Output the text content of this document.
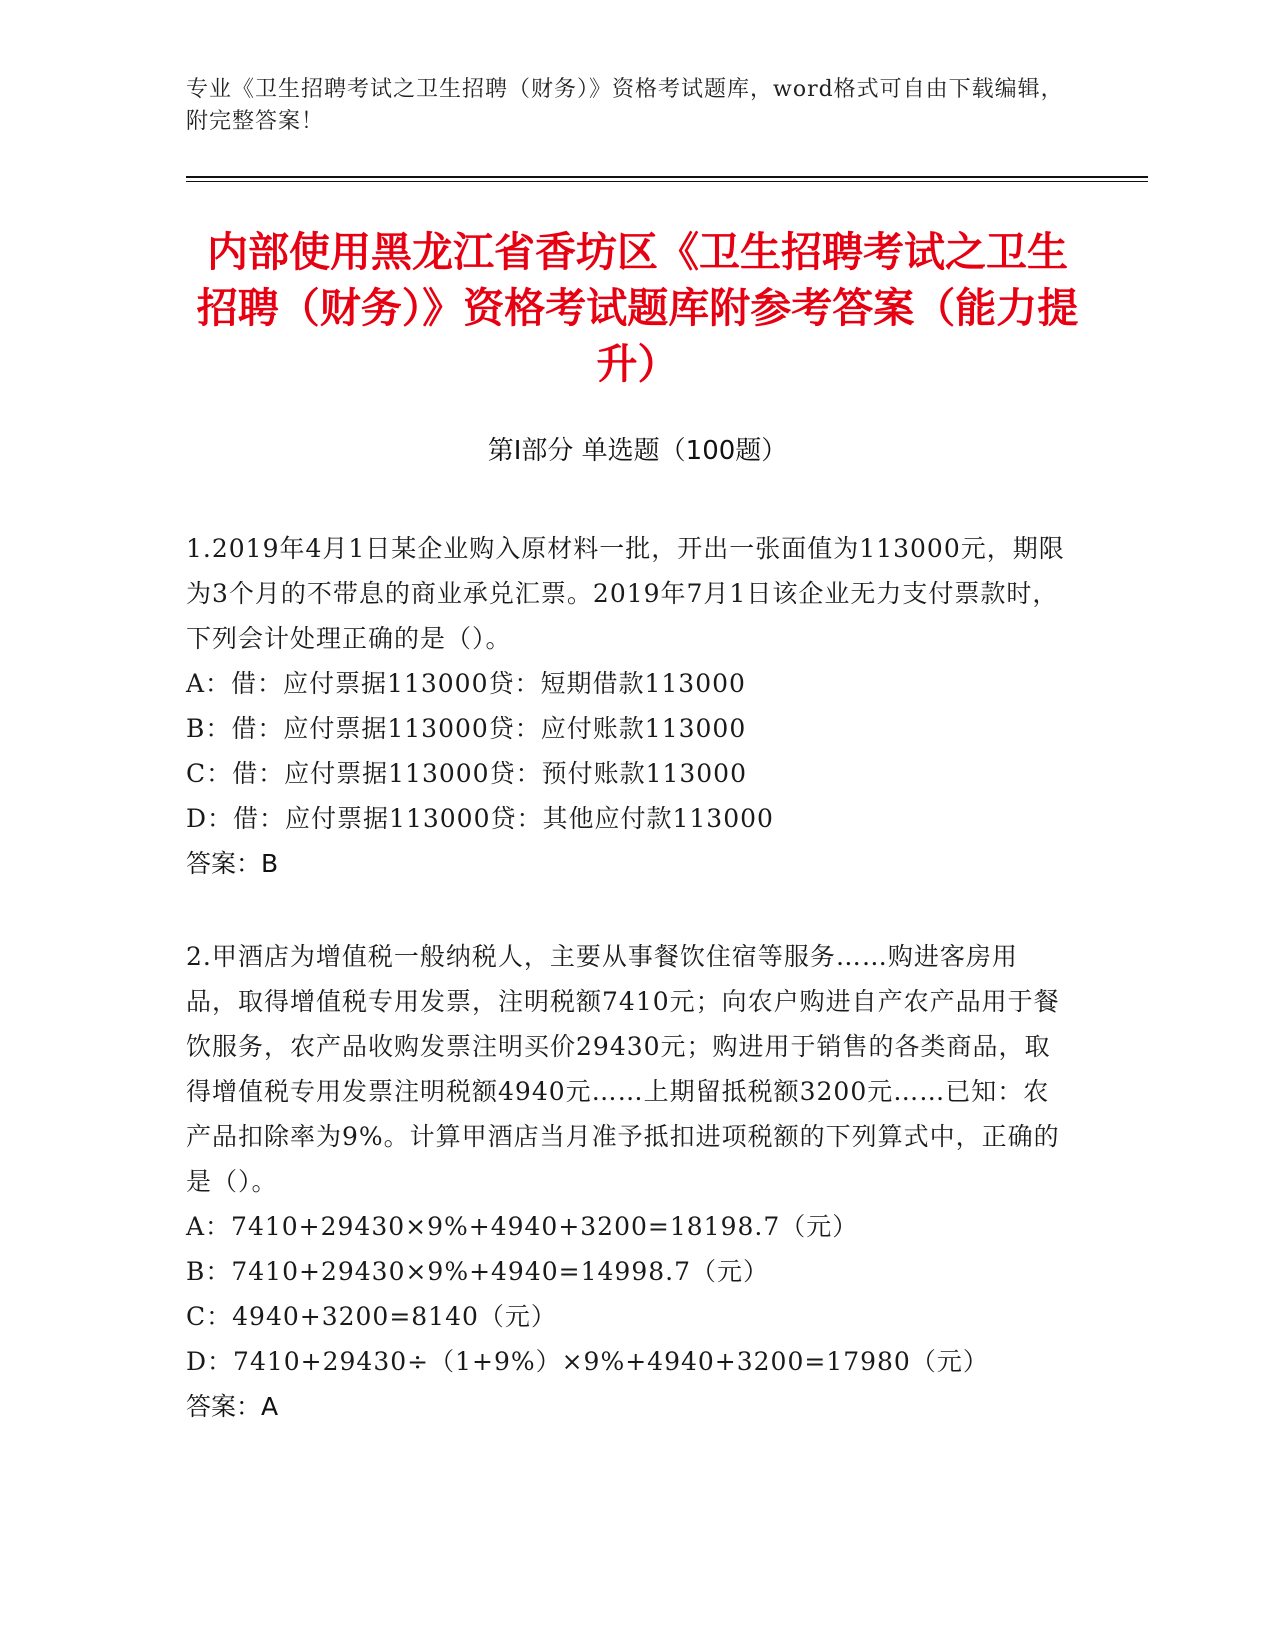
专业《卫生招聘考试之卫生招聘（财务）》资格考试题库，word格式可自由下载编辑，附完整答案！
内部使用黑龙江省香坊区《卫生招聘考试之卫生招聘（财务）》资格考试题库附参考答案（能力提升）
第Ⅰ部分 单选题（100题）
1.2019年4月1日某企业购入原材料一批，开出一张面值为113000元，期限为3个月的不带息的商业承兑汇票。2019年7月1日该企业无力支付票款时，下列会计处理正确的是（）。
A：借：应付票据113000贷：短期借款113000
B：借：应付票据113000贷：应付账款113000
C：借：应付票据113000贷：预付账款113000
D：借：应付票据113000贷：其他应付款113000
答案：B
2.甲酒店为增值税一般纳税人，主要从事餐饮住宿等服务……购进客房用品，取得增值税专用发票，注明税额7410元；向农户购进自产农产品用于餐饮服务，农产品收购发票注明买价29430元；购进用于销售的各类商品，取得增值税专用发票注明税额4940元……上期留抵税额3200元……已知：农产品扣除率为9%。计算甲酒店当月准予抵扣进项税额的下列算式中，正确的是（）。
A：7410+29430×9%+4940+3200=18198.7（元）
B：7410+29430×9%+4940=14998.7（元）
C：4940+3200=8140（元）
D：7410+29430÷（1+9%）×9%+4940+3200=17980（元）
答案：A
